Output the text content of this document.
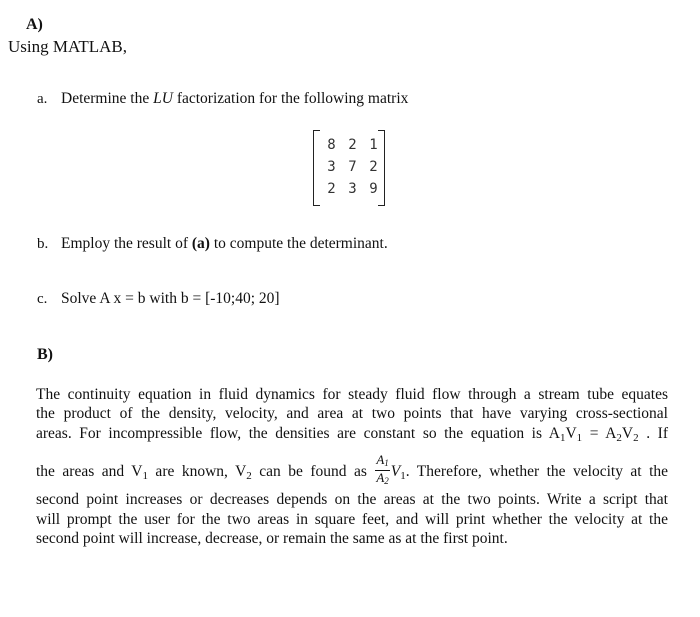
A)
Using MATLAB,
a. Determine the LU factorization for the following matrix
8 2 1
3 7 2
2 3 9
b. Employ the result of (a) to compute the determinant.
c. Solve A x = b with b = [-10;40; 20]
B)
The continuity equation in fluid dynamics for steady fluid flow through a stream tube equates
the product of the density, velocity, and area at two points that have varying cross-sectional
areas. For incompressible flow, the densities are constant so the equation is $A_1V_1 = A_2V_2$ . If
the areas and $V_1$ are known, $V_2$ can be found as $\frac{A_1}{A_2} V_1$. Therefore, whether the velocity at the
second point increases or decreases depends on the areas at the two points. Write a script that
will prompt the user for the two areas in square feet, and will print whether the velocity at the
second point will increase, decrease, or remain the same as at the first point.
